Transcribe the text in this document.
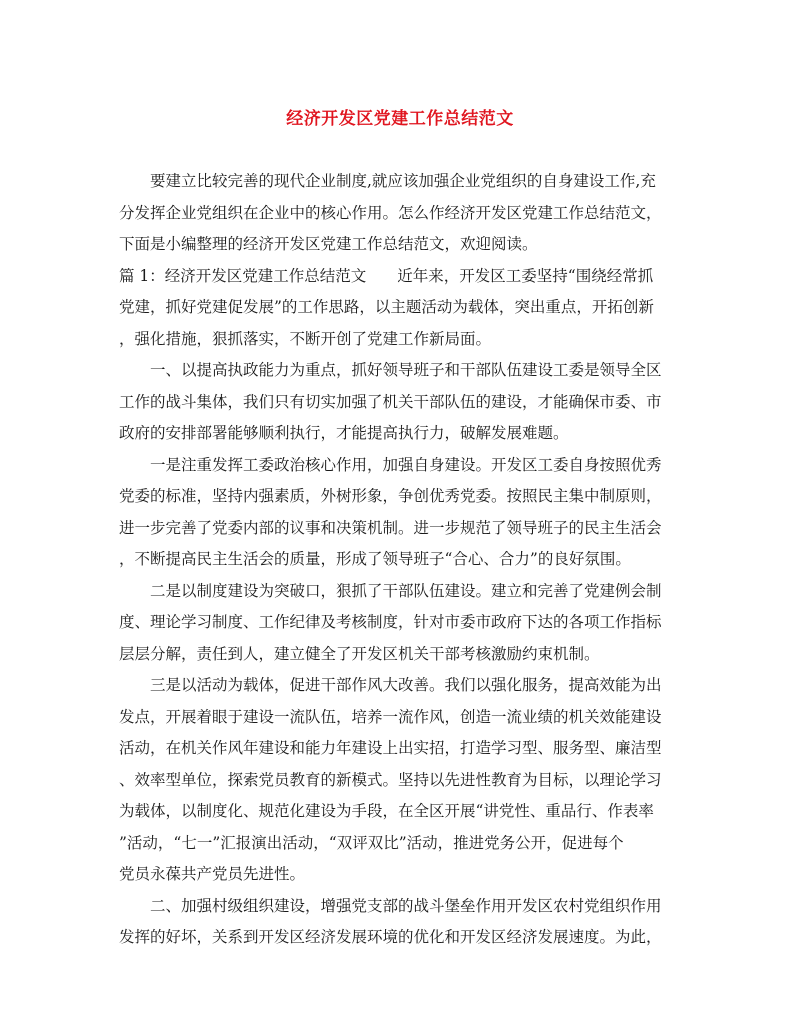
经济开发区党建工作总结范文

要建立比较完善的现代企业制度,就应该加强企业党组织的自身建设工作,充
分发挥企业党组织在企业中的核心作用。怎么作经济开发区党建工作总结范文，
下面是小编整理的经济开发区党建工作总结范文，欢迎阅读。

篇 1：经济开发区党建工作总结范文　　近年来，开发区工委坚持“围绕经常抓
党建，抓好党建促发展”的工作思路，以主题活动为载体，突出重点，开拓创新
，强化措施，狠抓落实，不断开创了党建工作新局面。

一、以提高执政能力为重点，抓好领导班子和干部队伍建设工委是领导全区
工作的战斗集体，我们只有切实加强了机关干部队伍的建设，才能确保市委、市
政府的安排部署能够顺利执行，才能提高执行力，破解发展难题。

一是注重发挥工委政治核心作用，加强自身建设。开发区工委自身按照优秀
党委的标准，坚持内强素质，外树形象，争创优秀党委。按照民主集中制原则，
进一步完善了党委内部的议事和决策机制。进一步规范了领导班子的民主生活会
，不断提高民主生活会的质量，形成了领导班子“合心、合力”的良好氛围。

二是以制度建设为突破口，狠抓了干部队伍建设。建立和完善了党建例会制
度、理论学习制度、工作纪律及考核制度，针对市委市政府下达的各项工作指标
层层分解，责任到人，建立健全了开发区机关干部考核激励约束机制。

三是以活动为载体，促进干部作风大改善。我们以强化服务，提高效能为出
发点，开展着眼于建设一流队伍，培养一流作风，创造一流业绩的机关效能建设
活动，在机关作风年建设和能力年建设上出实招，打造学习型、服务型、廉洁型
、效率型单位，探索党员教育的新模式。坚持以先进性教育为目标，以理论学习
为载体，以制度化、规范化建设为手段，在全区开展“讲党性、重品行、作表率
”活动，“七一”汇报演出活动，“双评双比”活动，推进党务公开，促进每个
党员永葆共产党员先进性。

二、加强村级组织建设，增强党支部的战斗堡垒作用开发区农村党组织作用
发挥的好坏，关系到开发区经济发展环境的优化和开发区经济发展速度。为此，
